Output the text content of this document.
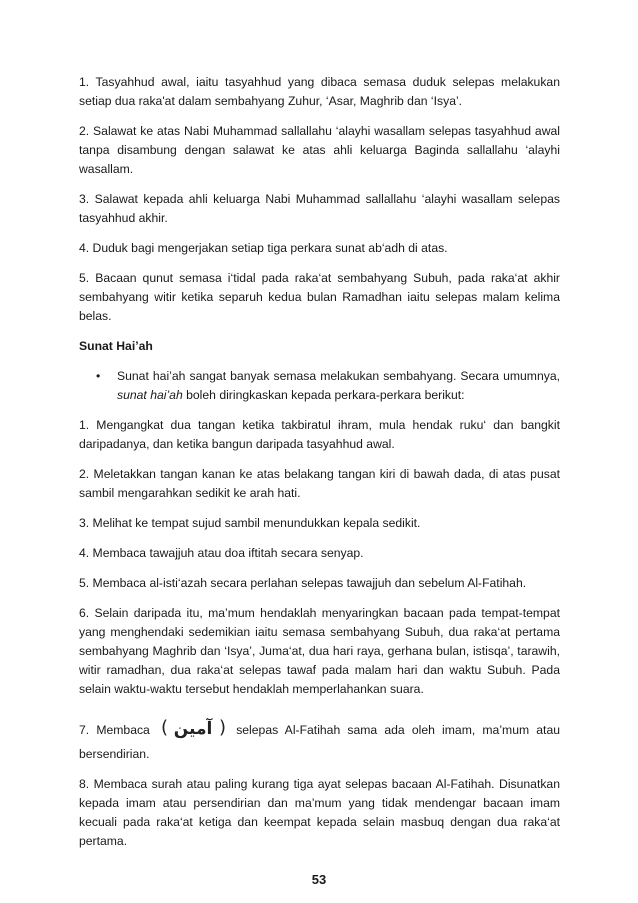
1. Tasyahhud awal, iaitu tasyahhud yang dibaca semasa duduk selepas melakukan setiap dua raka'at dalam sembahyang Zuhur, ‘Asar, Maghrib dan ‘Isya’.

2. Salawat ke atas Nabi Muhammad sallallahu ‘alayhi wasallam selepas tasyahhud awal tanpa disambung dengan salawat ke atas ahli keluarga Baginda sallallahu ‘alayhi wasallam.

3. Salawat kepada ahli keluarga Nabi Muhammad sallallahu ‘alayhi wasallam selepas tasyahhud akhir.

4. Duduk bagi mengerjakan setiap tiga perkara sunat ab‘adh di atas.

5. Bacaan qunut semasa i‘tidal pada raka‘at sembahyang Subuh, pada raka‘at akhir sembahyang witir ketika separuh kedua bulan Ramadhan iaitu selepas malam kelima belas.

Sunat Hai’ah

• Sunat hai’ah sangat banyak semasa melakukan sembahyang. Secara umumnya, sunat hai’ah boleh diringkaskan kepada perkara-perkara berikut:

1. Mengangkat dua tangan ketika takbiratul ihram, mula hendak ruku‘ dan bangkit daripadanya, dan ketika bangun daripada tasyahhud awal.

2. Meletakkan tangan kanan ke atas belakang tangan kiri di bawah dada, di atas pusat sambil mengarahkan sedikit ke arah hati.

3. Melihat ke tempat sujud sambil menundukkan kepala sedikit.

4. Membaca tawajjuh atau doa iftitah secara senyap.

5. Membaca al-isti‘azah secara perlahan selepas tawajjuh dan sebelum Al-Fatihah.

6. Selain daripada itu, ma’mum hendaklah menyaringkan bacaan pada tempat-tempat yang menghendaki sedemikian iaitu semasa sembahyang Subuh, dua raka‘at pertama sembahyang Maghrib dan ‘Isya’, Juma‘at, dua hari raya, gerhana bulan, istisqa’, tarawih, witir ramadhan, dua raka‘at selepas tawaf pada malam hari dan waktu Subuh. Pada selain waktu-waktu tersebut hendaklah memperlahankan suara.

7. Membaca ( آمين ) selepas Al-Fatihah sama ada oleh imam, ma’mum atau bersendirian.

8. Membaca surah atau paling kurang tiga ayat selepas bacaan Al-Fatihah. Disunatkan kepada imam atau persendirian dan ma’mum yang tidak mendengar bacaan imam kecuali pada raka‘at ketiga dan keempat kepada selain masbuq dengan dua raka‘at pertama.

53
